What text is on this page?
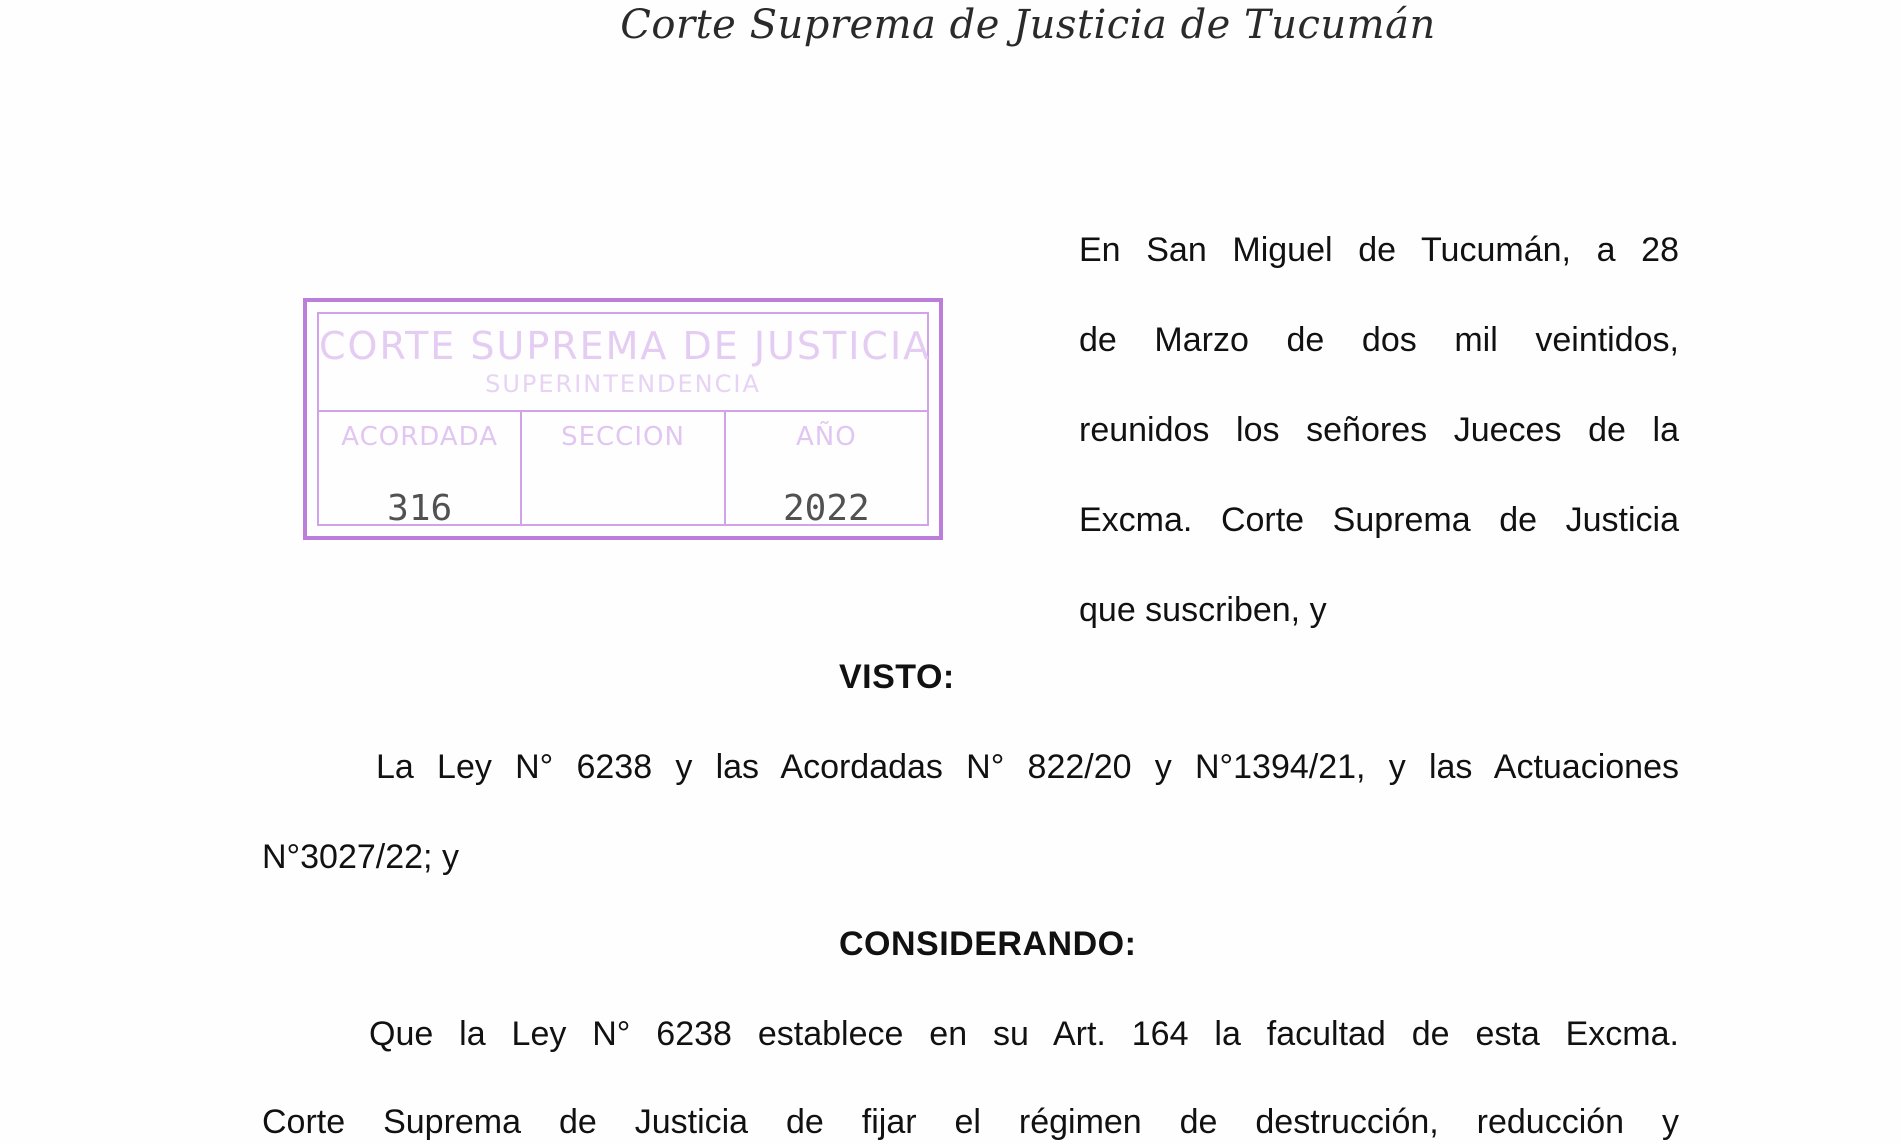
Corte Suprema de Justicia de Tucumán
CORTE SUPREMA DE JUSTICIA
SUPERINTENDENCIA
ACORDADA
316
SECCION	AÑO
2022
En San Miguel de Tucumán, a 28
de Marzo de dos mil veintidos,
reunidos los señores Jueces de la
Excma. Corte Suprema de Justicia
que suscriben, y
VISTO:
La Ley N° 6238 y las Acordadas N° 822/20 y N°1394/21, y las Actuaciones
N°3027/22; y
CONSIDERANDO:
Que la Ley N° 6238 establece en su Art. 164 la facultad de esta Excma.
Corte Suprema de Justicia de fijar el régimen de destrucción, reducción y
